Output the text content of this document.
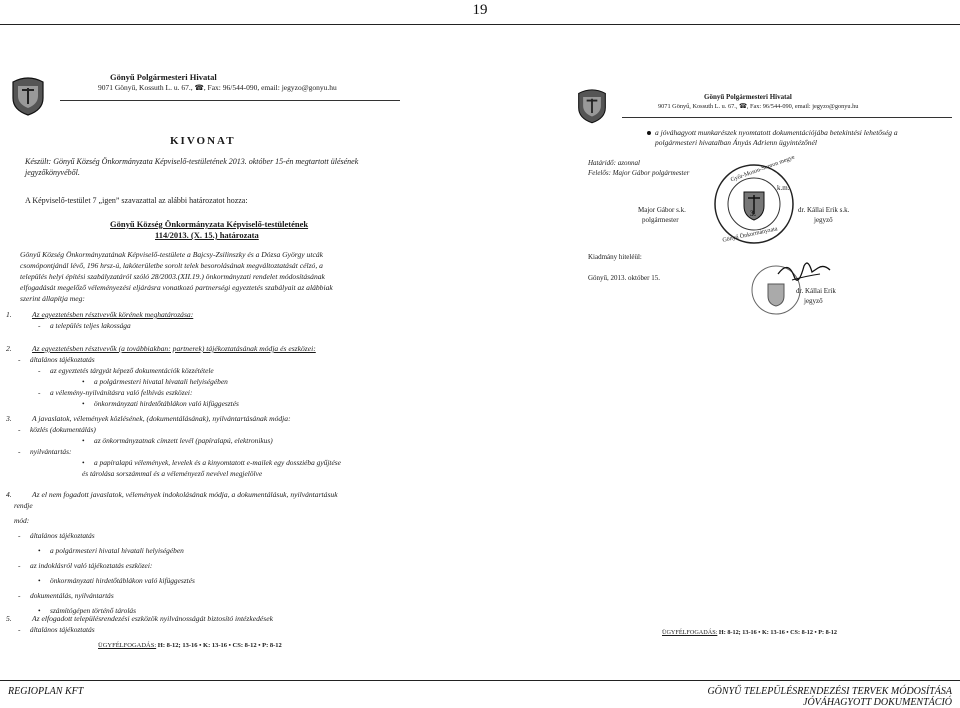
19
Gönyű Polgármesteri Hivatal
9071 Gönyű, Kossuth L. u. 67., ☎, Fax: 96/544-090, email: jegyzo@gonyu.hu
KIVONAT
Készült: Gönyű Község Önkormányzata Képviselő-testületének 2013. október 15-én megtartott ülésének
jegyzőkönyvéből.
A Képviselő-testület 7 „igen” szavazattal az alábbi határozatot hozza:
Gönyű Község Önkormányzata Képviselő-testületének
114/2013. (X. 15.) határozata
Gönyű Község Önkormányzatának Képviselő-testülete a Bajcsy-Zsilinszky és a Dózsa György utcák
csomópontjánál lévő, 196 hrsz-ú, lakóterületbe sorolt telek besorolásának megváltoztatását célzó, a
település helyi építési szabályzatáról szóló 28/2003.(XII.19.) önkormányzati rendelet módosításának
elfogadását megelőző véleményezési eljárásra vonatkozó partnerségi egyeztetés szabályait az alábbiak
szerint állapítja meg:
1.	Az egyeztetésben résztvevők körének meghatározása:
- a település teljes lakossága
2.	Az egyeztetésben résztvevők (a továbbiakban: partnerek) tájékoztatásának módja és eszközei:
- általános tájékoztatás
- az egyeztetés tárgyát képező dokumentációk közzététele
• a polgármesteri hivatal hivatali helyiségében
- a vélemény-nyilvánításra való felhívás eszközei:
• önkormányzati hirdetőtáblákon való kifüggesztés
3.	A javaslatok, vélemények közlésének, (dokumentálásának), nyilvántartásának módja:
- közlés (dokumentálás)
• az önkormányzatnak címzett levél (papíralapú, elektronikus)
- nyilvántartás:
• a papíralapú vélemények, levelek és a kinyomtatott e-mailek egy dossziéba gyűjtése
és tárolása sorszámmal és a véleményező nevével megjelölve
4.	Az el nem fogadott javaslatok, vélemények indokolásának módja, a dokumentálásuk, nyilvántartásuk
rendje
mód:
- általános tájékoztatás
• a polgármesteri hivatal hivatali helyiségében
- az indoklásról való tájékoztatás eszközei:
• önkormányzati hirdetőtáblákon való kifüggesztés
- dokumentálás, nyilvántartás
• számítógépen történő tárolás
5.	Az elfogadott településrendezési eszközök nyilvánosságát biztosító intézkedések
- általános tájékoztatás
ÜGYFÉLFOGADÁS: H: 8-12; 13-16 • K: 13-16 • CS: 8-12 • P: 8-12
Gönyű Polgármesteri Hivatal
9071 Gönyű, Kossuth L. u. 67., ☎, Fax: 96/544-090, email: jegyzo@gonyu.hu
a jóváhagyott munkarészek nyomtatott dokumentációjába betekintési lehetőség a
polgármesteri hivatalban Ányás Adrienn ügyintézőnél
Határidő: azonnal
Felelős: Major Gábor polgármester	Győr-Moson-Sopron megye
Gönyű Önkormányzata
3.
k.m.
Major Gábor s.k.
polgármester
dr. Kállai Erik s.k.
jegyző
Kiadmány hiteléül:
Gönyű, 2013. október 15.
dr. Kállai Erik
jegyző
ÜGYFÉLFOGADÁS: H: 8-12; 13-16 • K: 13-16 • CS: 8-12 • P: 8-12
REGIOPLAN KFT	GÖNYŰ TELEPÜLÉSRENDEZÉSI TERVEK MÓDOSÍTÁSA
JÓVÁHAGYOTT DOKUMENTÁCIÓ
